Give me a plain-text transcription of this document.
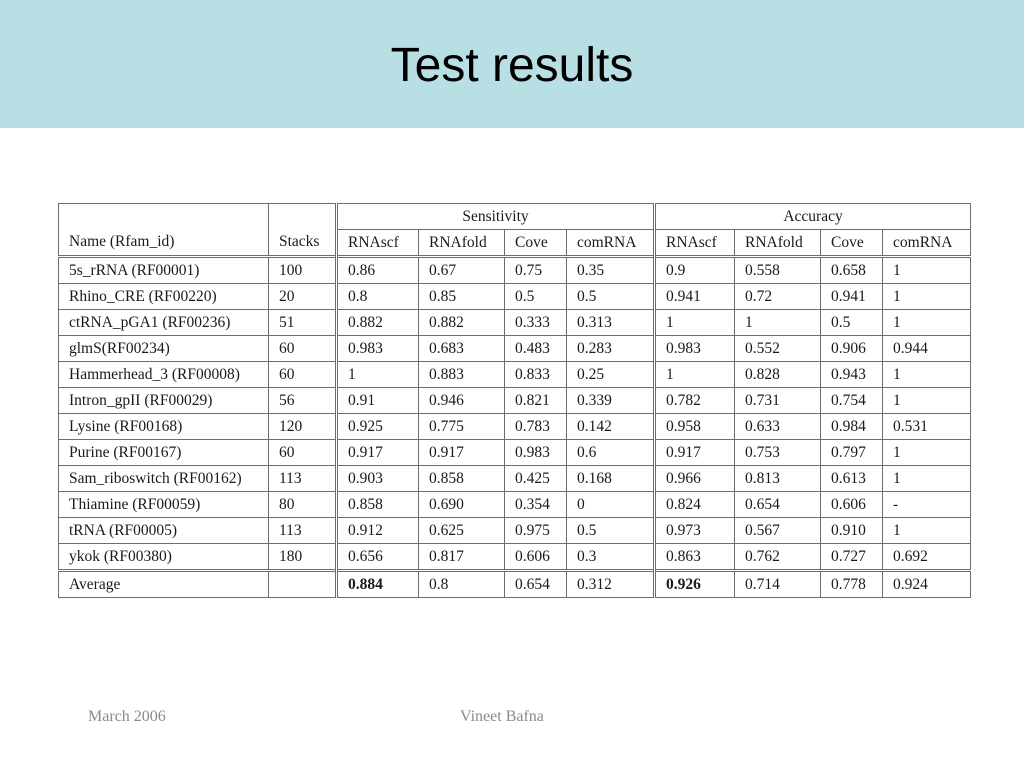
Test results
		Sensitivity				Accuracy			
Name (Rfam_id)	Stacks	RNAscf	RNAfold	Cove	comRNA	RNAscf	RNAfold	Cove	comRNA
5s_rRNA (RF00001)	100	0.86	0.67	0.75	0.35	0.9	0.558	0.658	1
Rhino_CRE (RF00220)	20	0.8	0.85	0.5	0.5	0.941	0.72	0.941	1
ctRNA_pGA1 (RF00236)	51	0.882	0.882	0.333	0.313	1	1	0.5	1
glmS(RF00234)	60	0.983	0.683	0.483	0.283	0.983	0.552	0.906	0.944
Hammerhead_3 (RF00008)	60	1	0.883	0.833	0.25	1	0.828	0.943	1
Intron_gpII (RF00029)	56	0.91	0.946	0.821	0.339	0.782	0.731	0.754	1
Lysine (RF00168)	120	0.925	0.775	0.783	0.142	0.958	0.633	0.984	0.531
Purine (RF00167)	60	0.917	0.917	0.983	0.6	0.917	0.753	0.797	1
Sam_riboswitch (RF00162)	113	0.903	0.858	0.425	0.168	0.966	0.813	0.613	1
Thiamine (RF00059)	80	0.858	0.690	0.354	0	0.824	0.654	0.606	-
tRNA (RF00005)	113	0.912	0.625	0.975	0.5	0.973	0.567	0.910	1
ykok (RF00380)	180	0.656	0.817	0.606	0.3	0.863	0.762	0.727	0.692
Average		0.884	0.8	0.654	0.312	0.926	0.714	0.778	0.924
March 2006	Vineet Bafna
